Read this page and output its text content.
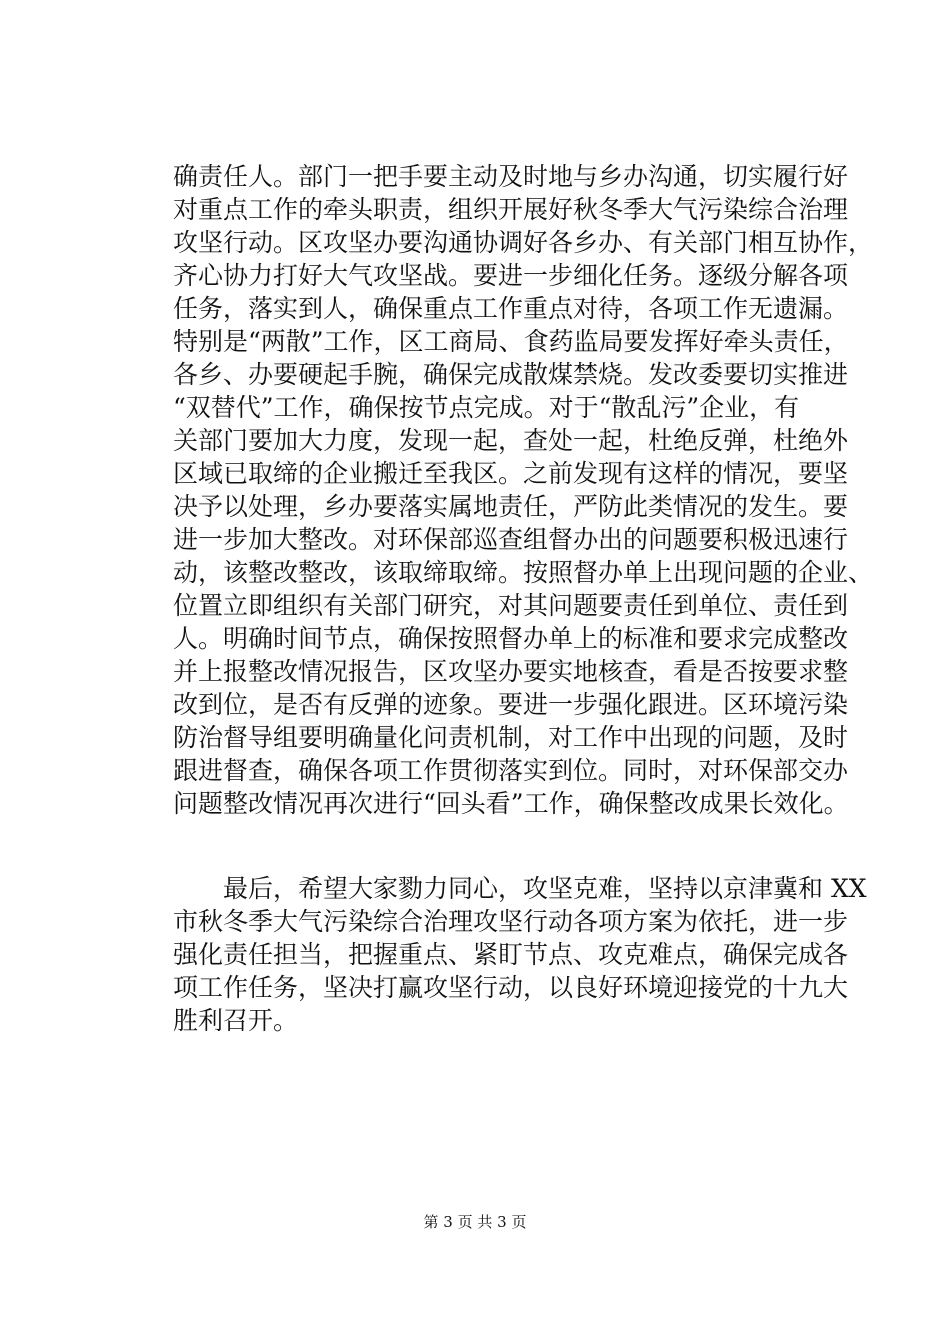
确责任人。部门一把手要主动及时地与乡办沟通，切实履行好
对重点工作的牵头职责，组织开展好秋冬季大气污染综合治理
攻坚行动。区攻坚办要沟通协调好各乡办、有关部门相互协作，
齐心协力打好大气攻坚战。要进一步细化任务。逐级分解各项
任务，落实到人，确保重点工作重点对待，各项工作无遗漏。
特别是“两散”工作，区工商局、食药监局要发挥好牵头责任，
各乡、办要硬起手腕，确保完成散煤禁烧。发改委要切实推进
“双替代”工作，确保按节点完成。对于“散乱污”企业，有
关部门要加大力度，发现一起，查处一起，杜绝反弹，杜绝外
区域已取缔的企业搬迁至我区。之前发现有这样的情况，要坚
决予以处理，乡办要落实属地责任，严防此类情况的发生。要
进一步加大整改。对环保部巡查组督办出的问题要积极迅速行
动，该整改整改，该取缔取缔。按照督办单上出现问题的企业、
位置立即组织有关部门研究，对其问题要责任到单位、责任到
人。明确时间节点，确保按照督办单上的标准和要求完成整改
并上报整改情况报告，区攻坚办要实地核查，看是否按要求整
改到位，是否有反弹的迹象。要进一步强化跟进。区环境污染
防治督导组要明确量化问责机制，对工作中出现的问题，及时
跟进督查，确保各项工作贯彻落实到位。同时，对环保部交办
问题整改情况再次进行“回头看”工作，确保整改成果长效化。
　　最后，希望大家勠力同心，攻坚克难，坚持以京津冀和 XX
市秋冬季大气污染综合治理攻坚行动各项方案为依托，进一步
强化责任担当，把握重点、紧盯节点、攻克难点，确保完成各
项工作任务，坚决打赢攻坚行动，以良好环境迎接党的十九大
胜利召开。
第 3 页 共 3 页
